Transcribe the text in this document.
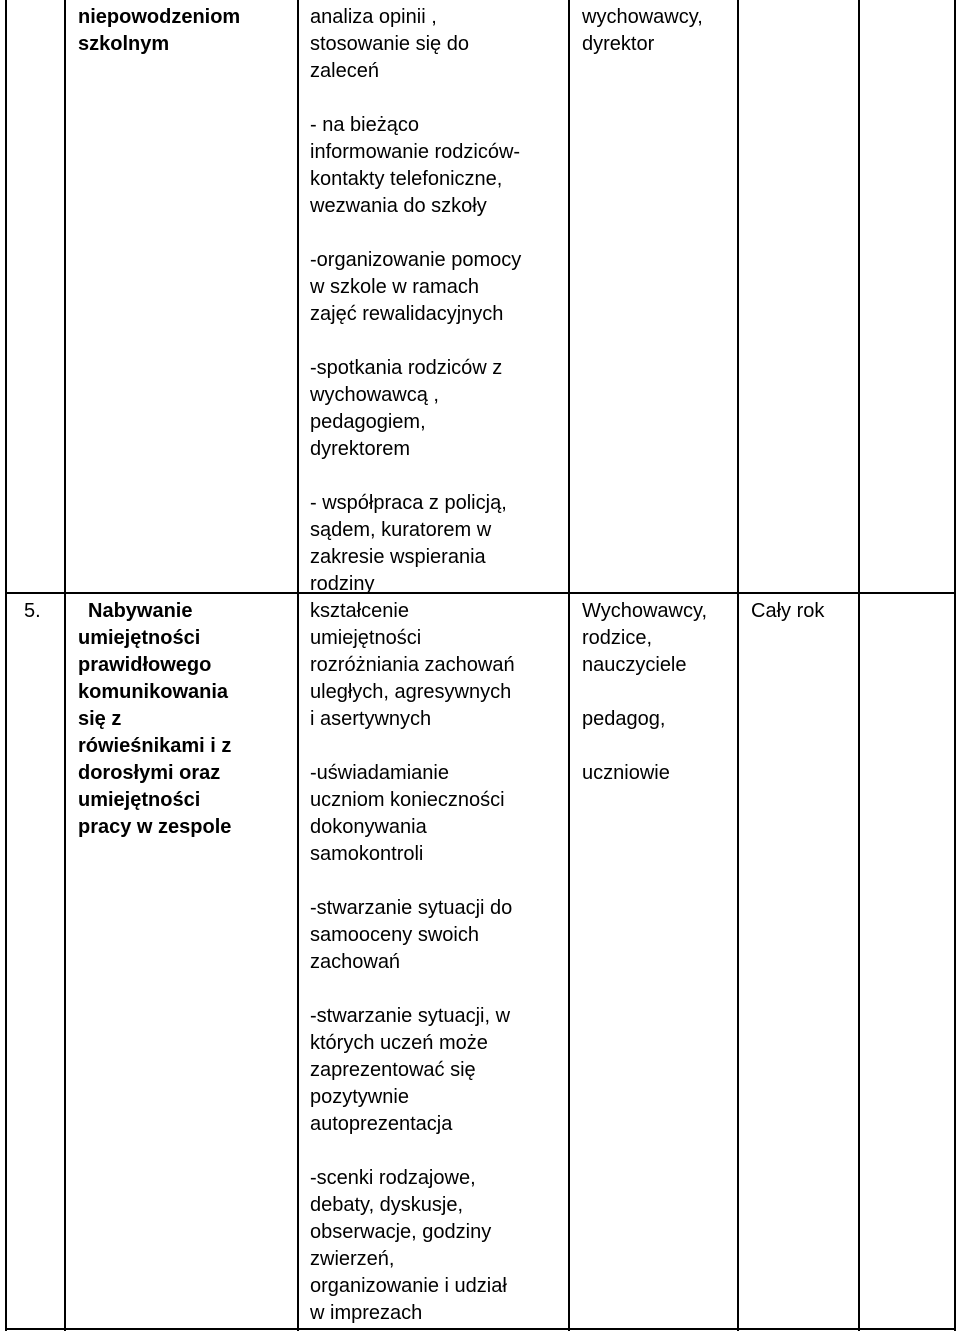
niepowodzeniom

szkolnym

analiza opinii ,

stosowanie się do

zaleceń

- na bieżąco

informowanie rodziców-

kontakty telefoniczne,

wezwania do szkoły

-organizowanie pomocy

w szkole w ramach

zajęć rewalidacyjnych

-spotkania rodziców z

wychowawcą ,

pedagogiem,

dyrektorem

- współpraca z policją,

sądem, kuratorem w

zakresie wspierania

rodziny

wychowawcy,

dyrektor

5.	Nabywanie

umiejętności

prawidłowego

komunikowania

się z

rówieśnikami i z

dorosłymi oraz

umiejętności

pracy w zespole

kształcenie

umiejętności

rozróżniania zachowań

uległych, agresywnych

i asertywnych

-uświadamianie

uczniom konieczności

dokonywania

samokontroli

-stwarzanie sytuacji do

samooceny swoich

zachowań

-stwarzanie sytuacji, w

których uczeń może

zaprezentować się

pozytywnie

autoprezentacja

-scenki rodzajowe,

debaty, dyskusje,

obserwacje, godziny

zwierzeń,

organizowanie i udział

w imprezach

Wychowawcy,

rodzice,

nauczyciele

pedagog,

uczniowie

Cały rok
